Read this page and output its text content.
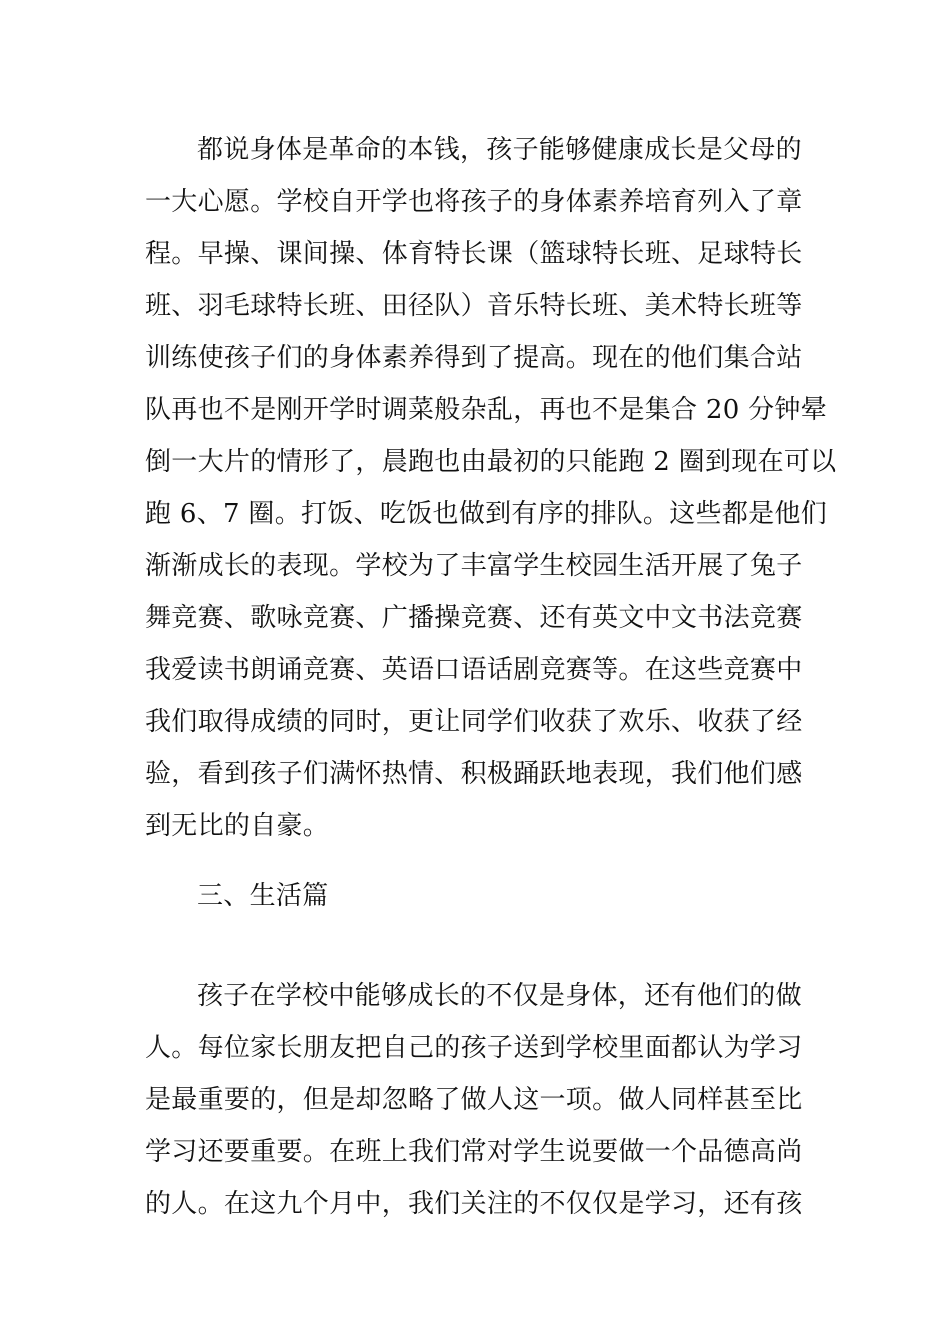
都说身体是革命的本钱，孩子能够健康成长是父母的
一大心愿。学校自开学也将孩子的身体素养培育列入了章
程。早操、课间操、体育特长课（篮球特长班、足球特长
班、羽毛球特长班、田径队）音乐特长班、美术特长班等
训练使孩子们的身体素养得到了提高。现在的他们集合站
队再也不是刚开学时调菜般杂乱，再也不是集合 20 分钟晕
倒一大片的情形了，晨跑也由最初的只能跑 2 圈到现在可以
跑 6、7 圈。打饭、吃饭也做到有序的排队。这些都是他们
渐渐成长的表现。学校为了丰富学生校园生活开展了兔子
舞竞赛、歌咏竞赛、广播操竞赛、还有英文中文书法竞赛
我爱读书朗诵竞赛、英语口语话剧竞赛等。在这些竞赛中
我们取得成绩的同时，更让同学们收获了欢乐、收获了经
验，看到孩子们满怀热情、积极踊跃地表现，我们他们感
到无比的自豪。
三、生活篇
孩子在学校中能够成长的不仅是身体，还有他们的做
人。每位家长朋友把自己的孩子送到学校里面都认为学习
是最重要的，但是却忽略了做人这一项。做人同样甚至比
学习还要重要。在班上我们常对学生说要做一个品德高尚
的人。在这九个月中，我们关注的不仅仅是学习，还有孩
